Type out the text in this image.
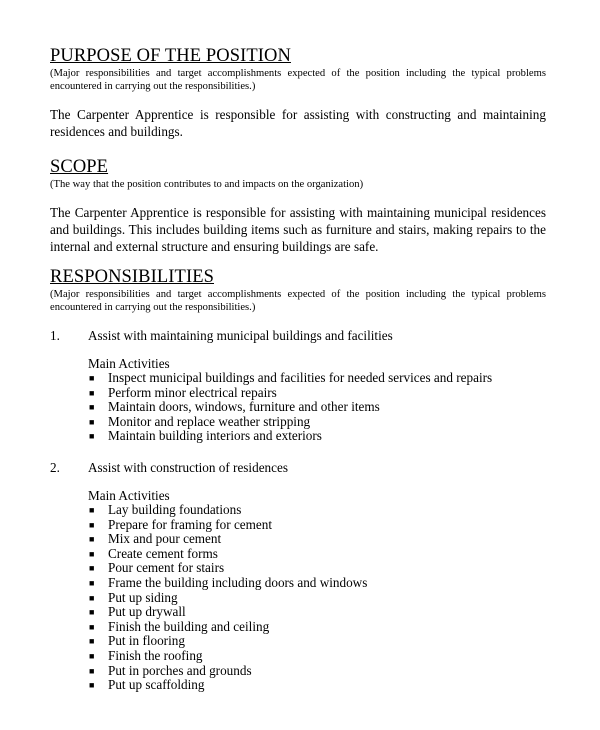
PURPOSE OF THE POSITION

(Major responsibilities and target accomplishments expected of the position including the typical problems encountered in carrying out the responsibilities.)

The Carpenter Apprentice is responsible for assisting with constructing and maintaining residences and buildings.

SCOPE

(The way that the position contributes to and impacts on the organization)

The Carpenter Apprentice is responsible for assisting with maintaining municipal residences and buildings. This includes building items such as furniture and stairs, making repairs to the internal and external structure and ensuring buildings are safe.

RESPONSIBILITIES

(Major responsibilities and target accomplishments expected of the position including the typical problems encountered in carrying out the responsibilities.)

1.	Assist with maintaining municipal buildings and facilities
Main Activities
■	Inspect municipal buildings and facilities for needed services and repairs
■	Perform minor electrical repairs
■	Maintain doors, windows, furniture and other items
■	Monitor and replace weather stripping
■	Maintain building interiors and exteriors
2.	Assist with construction of residences
Main Activities
■	Lay building foundations
■	Prepare for framing for cement
■	Mix and pour cement
■	Create cement forms
■	Pour cement for stairs
■	Frame the building including doors and windows
■	Put up siding
■	Put up drywall
■	Finish the building and ceiling
■	Put in flooring
■	Finish the roofing
■	Put in porches and grounds
■	Put up scaffolding
